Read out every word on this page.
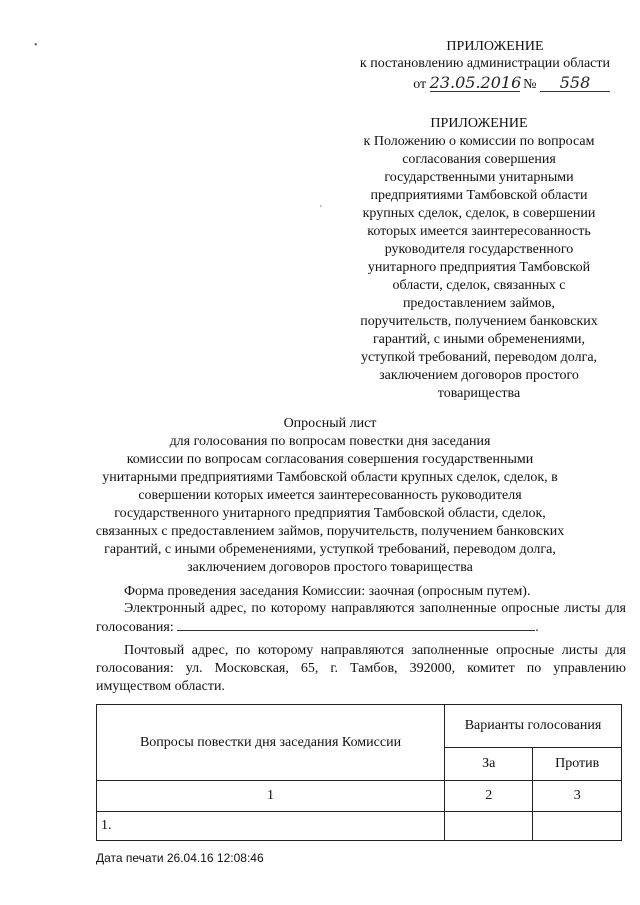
•
'
ПРИЛОЖЕНИЕ
к постановлению администрации области
от 23.05.2016 № 558
ПРИЛОЖЕНИЕ
к Положению о комиссии по вопросам
согласования совершения
государственными унитарными
предприятиями Тамбовской области
крупных сделок, сделок, в совершении
которых имеется заинтересованность
руководителя государственного
унитарного предприятия Тамбовской
области, сделок, связанных с
предоставлением займов,
поручительств, получением банковских
гарантий, с иными обременениями,
уступкой требований, переводом долга,
заключением договоров простого
товарищества
Опросный лист
для голосования по вопросам повестки дня заседания
комиссии по вопросам согласования совершения государственными
унитарными предприятиями Тамбовской области крупных сделок, сделок, в
совершении которых имеется заинтересованность руководителя
государственного унитарного предприятия Тамбовской области, сделок,
связанных с предоставлением займов, поручительств, получением банковских
гарантий, с иными обременениями, уступкой требований, переводом долга,
заключением договоров простого товарищества
Форма проведения заседания Комиссии: заочная (опросным путем).
Электронный адрес, по которому направляются заполненные опросные листы для голосования:	.
Почтовый адрес, по которому направляются заполненные опросные листы для голосования: ул. Московская, 65, г. Тамбов, 392000, комитет по управлению имуществом области.
Вопросы повестки дня заседания Комиссии	Варианты голосования	
	За	Против
1	2	3
1.		
Дата печати 26.04.16 12:08:46
